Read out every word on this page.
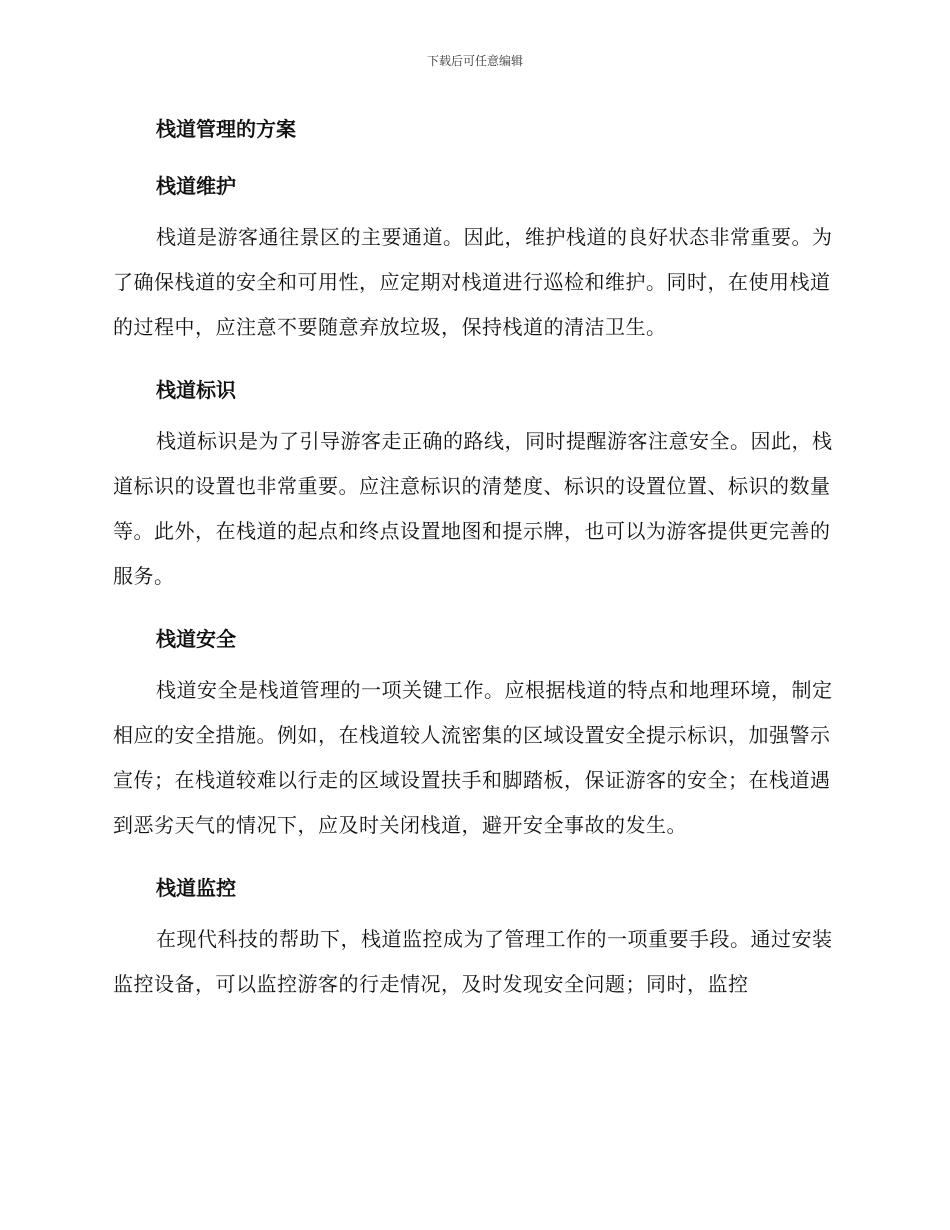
下载后可任意编辑
栈道管理的方案
栈道维护

栈道是游客通往景区的主要通道。因此，维护栈道的良好状态非常重要。为了确保栈道的安全和可用性，应定期对栈道进行巡检和维护。同时，在使用栈道的过程中，应注意不要随意弃放垃圾，保持栈道的清洁卫生。

栈道标识

栈道标识是为了引导游客走正确的路线，同时提醒游客注意安全。因此，栈道标识的设置也非常重要。应注意标识的清楚度、标识的设置位置、标识的数量等。此外，在栈道的起点和终点设置地图和提示牌，也可以为游客提供更完善的服务。

栈道安全

栈道安全是栈道管理的一项关键工作。应根据栈道的特点和地理环境，制定相应的安全措施。例如，在栈道较人流密集的区域设置安全提示标识，加强警示宣传；在栈道较难以行走的区域设置扶手和脚踏板，保证游客的安全；在栈道遇到恶劣天气的情况下，应及时关闭栈道，避开安全事故的发生。

栈道监控

在现代科技的帮助下，栈道监控成为了管理工作的一项重要手段。通过安装监控设备，可以监控游客的行走情况，及时发现安全问题；同时，监控
